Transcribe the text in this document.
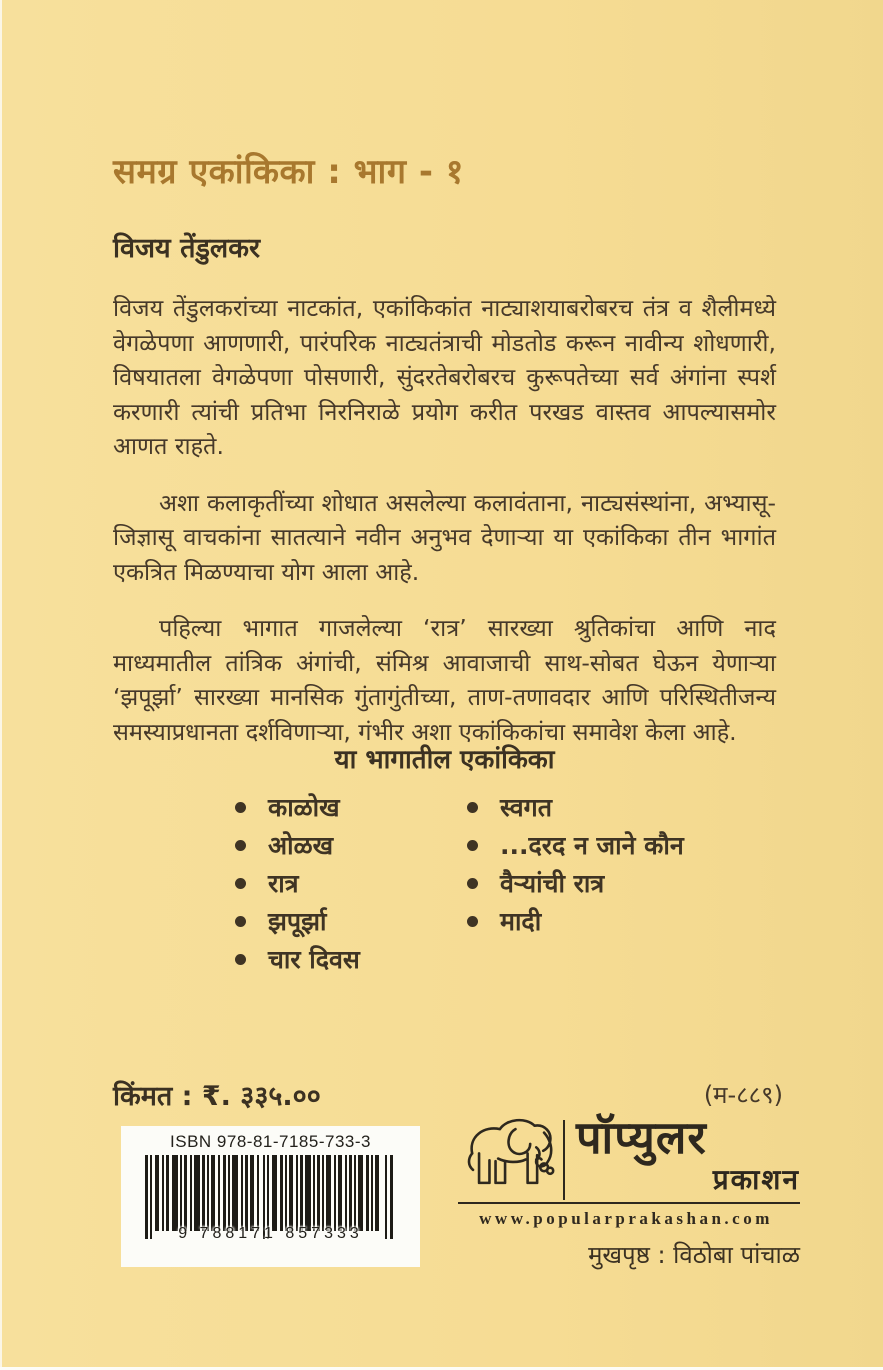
समग्र एकांकिका : भाग - १
विजय तेंडुलकर

विजय तेंडुलकरांच्या नाटकांत, एकांकिकांत नाट्याशयाबरोबरच तंत्र व शैलीमध्ये वेगळेपणा आणणारी, पारंपरिक नाट्यतंत्राची मोडतोड करून नावीन्य शोधणारी, विषयातला वेगळेपणा पोसणारी, सुंदरतेबरोबरच कुरूपतेच्या सर्व अंगांना स्पर्श करणारी त्यांची प्रतिभा निरनिराळे प्रयोग करीत परखड वास्तव आपल्यासमोर आणत राहते.

अशा कलाकृतींच्या शोधात असलेल्या कलावंताना, नाट्यसंस्थांना, अभ्यासू-जिज्ञासू वाचकांना सातत्याने नवीन अनुभव देणाऱ्या या एकांकिका तीन भागांत एकत्रित मिळण्याचा योग आला आहे.

पहिल्या भागात गाजलेल्या ‘रात्र’ सारख्या श्रुतिकांचा आणि नाद माध्यमातील तांत्रिक अंगांची, संमिश्र आवाजाची साथ-सोबत घेऊन येणाऱ्या ‘झपूर्झा’ सारख्या मानसिक गुंतागुंतीच्या, ताण-तणावदार आणि परिस्थितीजन्य समस्याप्रधानता दर्शविणाऱ्या, गंभीर अशा एकांकिकांचा समावेश केला आहे.

या भागातील एकांकिका
काळोख
ओळख
रात्र
झपूर्झा
चार दिवस
स्वगत
...दरद न जाने कौन
वैऱ्यांची रात्र
मादी
किंमत : ₹. ३३५.००	(म-८८९)
ISBN 978-81-7185-733-3
9 788171 857333
पॉप्युलर
प्रकाशन
www.popularprakashan.com
मुखपृष्ठ : विठोबा पांचाळ
